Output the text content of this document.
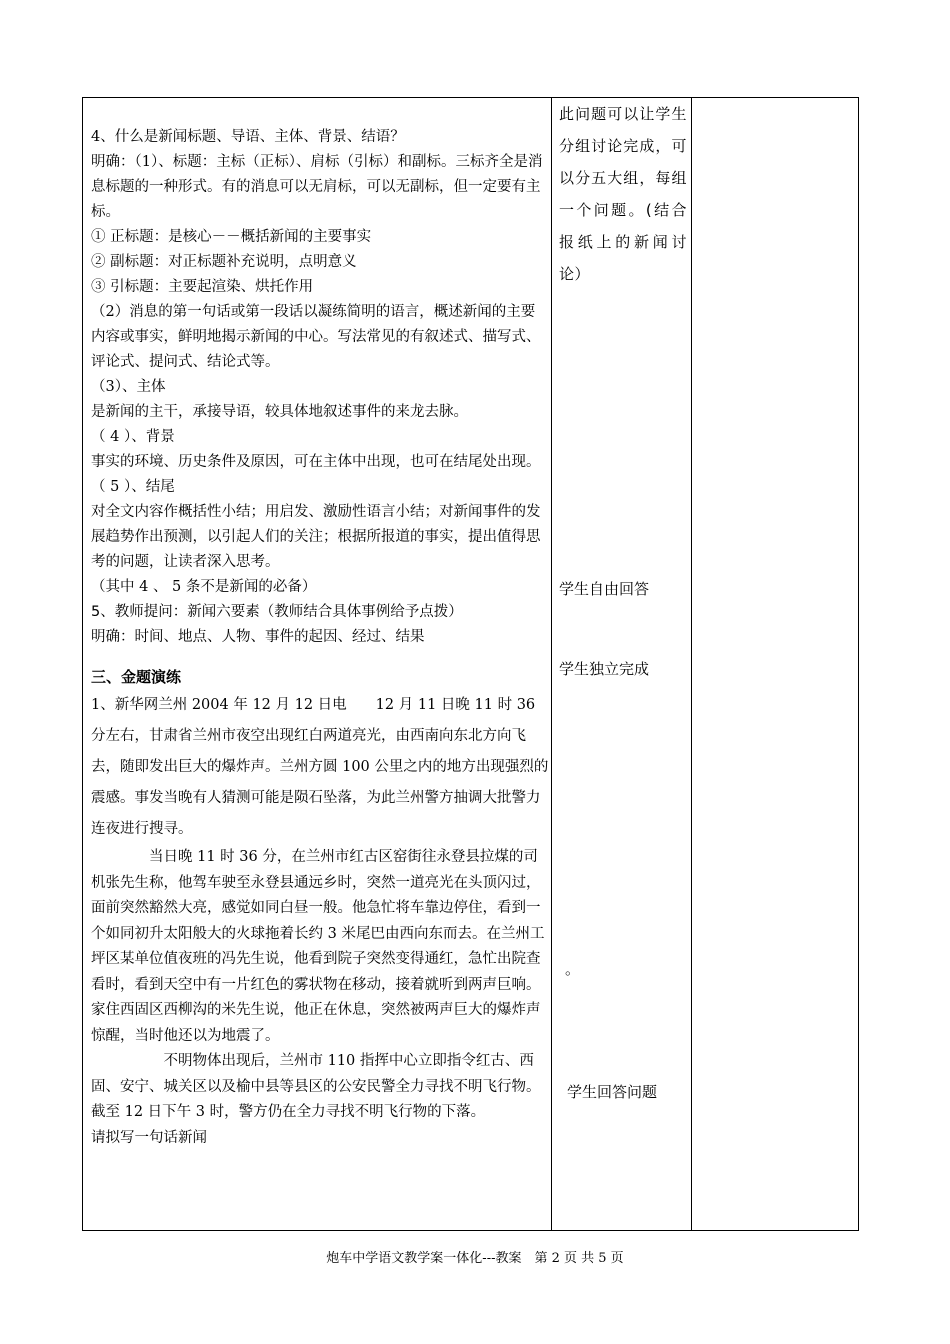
4、什么是新闻标题、导语、主体、背景、结语？

明确：（1）、标题：主标（正标）、肩标（引标）和副标。三标齐全是消息标题的一种形式。有的消息可以无肩标，可以无副标，但一定要有主标。

① 正标题：是核心－－概括新闻的主要事实

② 副标题：对正标题补充说明，点明意义

③ 引标题：主要起渲染、烘托作用

（2）消息的第一句话或第一段话以凝练简明的语言，概述新闻的主要内容或事实，鲜明地揭示新闻的中心。写法常见的有叙述式、描写式、评论式、提问式、结论式等。

（3）、主体

是新闻的主干，承接导语，较具体地叙述事件的来龙去脉。

（ 4 ）、背景

事实的环境、历史条件及原因，可在主体中出现，也可在结尾处出现。

（ 5 ）、结尾

对全文内容作概括性小结；用启发、激励性语言小结；对新闻事件的发展趋势作出预测，以引起人们的关注；根据所报道的事实，提出值得思考的问题，让读者深入思考。

（其中 4 、 5 条不是新闻的必备）

5、教师提问：新闻六要素（教师结合具体事例给予点拨）

明确：时间、地点、人物、事件的起因、经过、结果

三、金题演练

1、新华网兰州 2004 年 12 月 12 日电　　12 月 11 日晚 11 时 36 分左右，甘肃省兰州市夜空出现红白两道亮光，由西南向东北方向飞去，随即发出巨大的爆炸声。兰州方圆 100 公里之内的地方出现强烈的震感。事发当晚有人猜测可能是陨石坠落，为此兰州警方抽调大批警力连夜进行搜寻。

当日晚 11 时 36 分，在兰州市红古区窑街往永登县拉煤的司机张先生称，他驾车驶至永登县通远乡时，突然一道亮光在头顶闪过，面前突然豁然大亮，感觉如同白昼一般。他急忙将车靠边停住，看到一个如同初升太阳般大的火球拖着长约 3 米尾巴由西向东而去。在兰州工坪区某单位值夜班的冯先生说，他看到院子突然变得通红，急忙出院查看时，看到天空中有一片红色的雾状物在移动，接着就听到两声巨响。家住西固区西柳沟的米先生说，他正在休息，突然被两声巨大的爆炸声惊醒，当时他还以为地震了。

不明物体出现后，兰州市 110 指挥中心立即指令红古、西固、安宁、城关区以及榆中县等县区的公安民警全力寻找不明飞行物。截至 12 日下午 3 时，警方仍在全力寻找不明飞行物的下落。

请拟写一句话新闻

此问题可以让学生分组讨论完成，可以分五大组，每组一个问题。(结合报纸上的新闻讨论）
学生自由回答
学生独立完成
。
学生回答问题
炮车中学语文教学案一体化---教案　第 2 页 共 5 页
